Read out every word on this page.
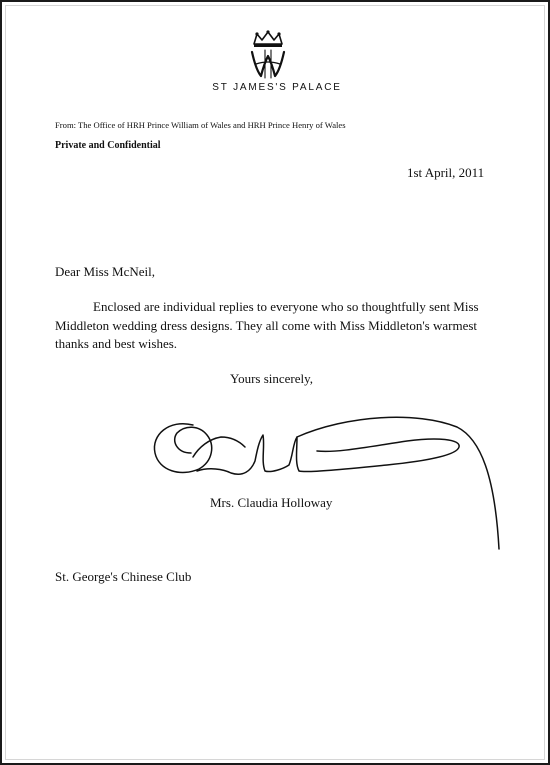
ST JAMES'S PALACE
From: The Office of HRH Prince William of Wales and HRH Prince Henry of Wales
Private and Confidential
1st April, 2011
Dear Miss McNeil,

Enclosed are individual replies to everyone who so thoughtfully sent Miss Middleton wedding dress designs. They all come with Miss Middleton's warmest thanks and best wishes.

Yours sincerely,
Mrs. Claudia Holloway
St. George's Chinese Club
